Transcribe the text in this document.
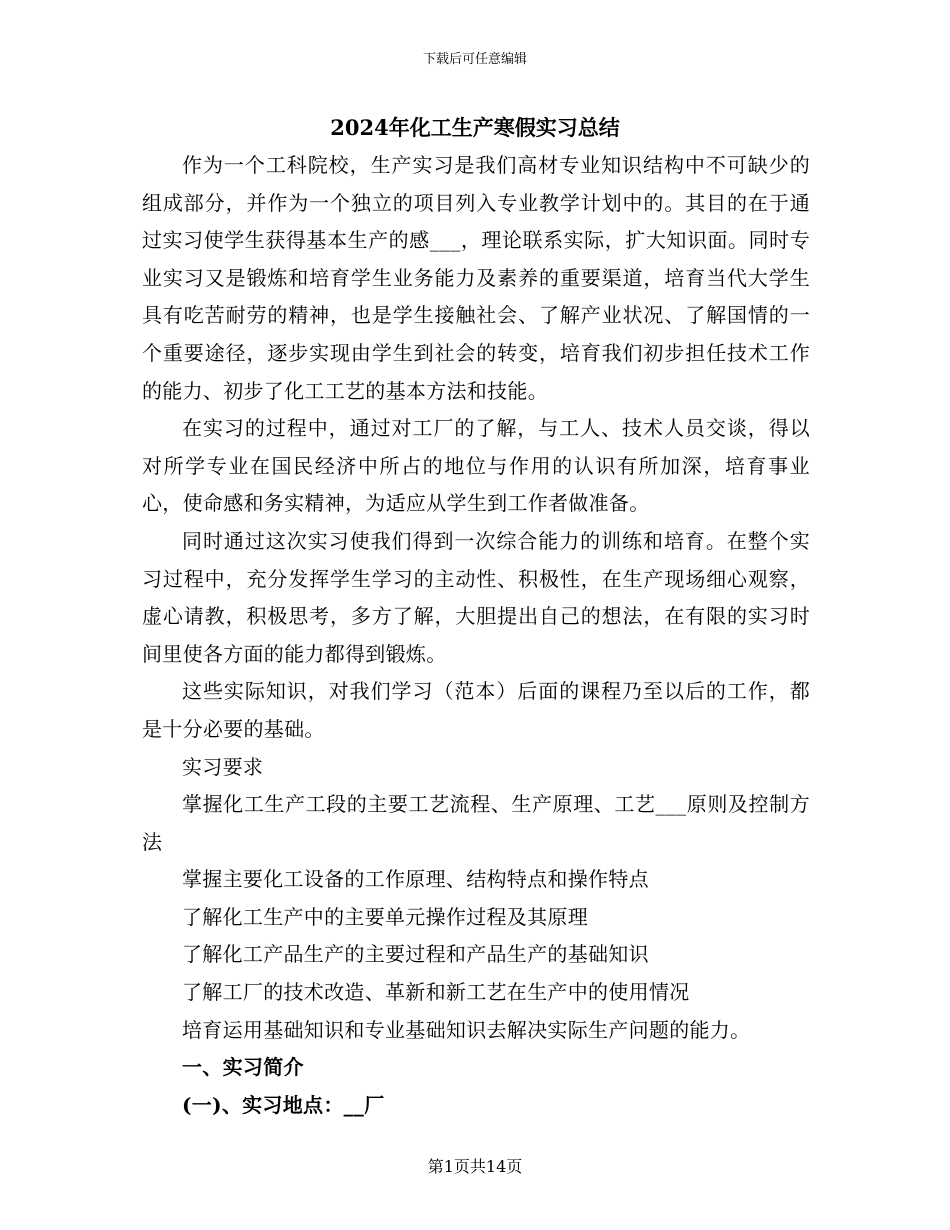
下载后可任意编辑
2024年化工生产寒假实习总结

作为一个工科院校，生产实习是我们高材专业知识结构中不可缺少的组成部分，并作为一个独立的项目列入专业教学计划中的。其目的在于通过实习使学生获得基本生产的感___，理论联系实际，扩大知识面。同时专业实习又是锻炼和培育学生业务能力及素养的重要渠道，培育当代大学生具有吃苦耐劳的精神，也是学生接触社会、了解产业状况、了解国情的一个重要途径，逐步实现由学生到社会的转变，培育我们初步担任技术工作的能力、初步了化工工艺的基本方法和技能。

在实习的过程中，通过对工厂的了解，与工人、技术人员交谈，得以对所学专业在国民经济中所占的地位与作用的认识有所加深，培育事业心，使命感和务实精神，为适应从学生到工作者做准备。

同时通过这次实习使我们得到一次综合能力的训练和培育。在整个实习过程中，充分发挥学生学习的主动性、积极性，在生产现场细心观察，虚心请教，积极思考，多方了解，大胆提出自己的想法，在有限的实习时间里使各方面的能力都得到锻炼。

这些实际知识，对我们学习（范本）后面的课程乃至以后的工作，都是十分必要的基础。

实习要求

掌握化工生产工段的主要工艺流程、生产原理、工艺___原则及控制方法

掌握主要化工设备的工作原理、结构特点和操作特点

了解化工生产中的主要单元操作过程及其原理

了解化工产品生产的主要过程和产品生产的基础知识

了解工厂的技术改造、革新和新工艺在生产中的使用情况

培育运用基础知识和专业基础知识去解决实际生产问题的能力。

一、实习简介

(一)、实习地点：__厂

第1页共14页
